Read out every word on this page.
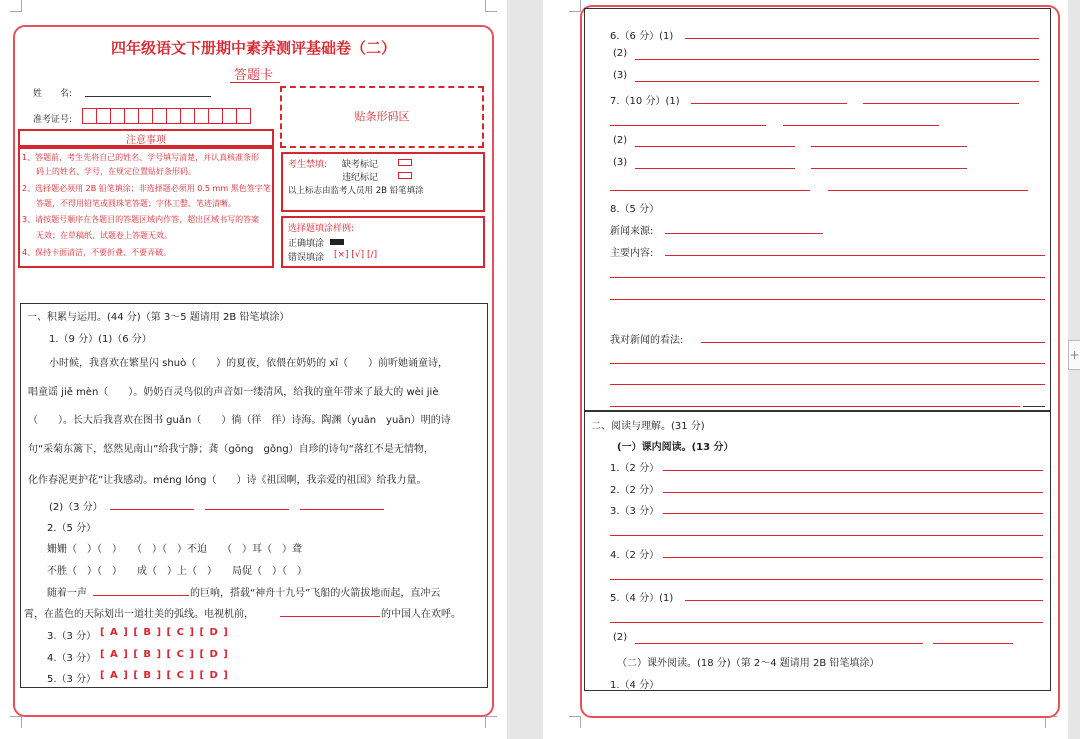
四年级语文下册期中素养测评基础卷（二）
答题卡
姓　　名:
准考证号:	贴条形码区
注意事项
1、答题前，考生先将自己的姓名、学号填写清楚，并认真核准条形
码上的姓名、学号，在规定位置贴好条形码。
2、选择题必须用 2B 铅笔填涂；非选择题必须用 0.5 mm 黑色签字笔
答题，不得用铅笔或圆珠笔答题；字体工整、笔迹清晰。
3、请按题号顺序在各题目的答题区域内作答，超出区域书写的答案
无效；在草稿纸、试题卷上答题无效。
4、保持卡面清洁，不要折叠、不要弄破。
考生禁填: 缺考标记
违纪标记
以上标志由监考人员用 2B 铅笔填涂
选择题填涂样例:
正确填涂
错误填涂 [×] [√] [/]
一、积累与运用。(44 分)（第 3～5 题请用 2B 铅笔填涂）
1.（9 分）(1)（6 分）
小时候，我喜欢在繁星闪 shuò（　　）的夏夜，依偎在奶奶的 xī（　　）前听她诵童诗，
唱童谣 jiě mèn（　　）。奶奶百灵鸟似的声音如一缕清风，给我的童年带来了最大的 wèi jiè
（　　）。长大后我喜欢在图书 guǎn（　　）徜（徉　徉）诗海。陶渊（yuān　yuān）明的诗
句“采菊东篱下，悠然见南山”给我宁静；龚（gōng　gǒng）自珍的诗句“落红不是无情物，
化作春泥更护花”让我感动。méng lóng（　　）诗《祖国啊，我亲爱的祖国》给我力量。
(2)（3 分）
2.（5 分）
姗姗（　）（　）　　（　）（　）不迫　　（　）耳（　）聋
不胜（　）（　）　　成（　）上（　）　　局促（　）（　）
随着一声	的巨响，搭载“神舟十九号”飞船的火箭拔地而起，直冲云
霄，在蓝色的天际划出一道壮美的弧线。电视机前，	的中国人在欢呼。
3.（3 分） [ A ] [ B ] [ C ] [ D ]
4.（3 分） [ A ] [ B ] [ C ] [ D ]
5.（3 分） [ A ] [ B ] [ C ] [ D ]
6.（6 分）(1)
(2)
(3)
7.（10 分）(1)
(2)
(3)
8.（5 分）
新闻来源:
主要内容:
我对新闻的看法:
二、阅读与理解。(31 分)
(一）课内阅读。(13 分）
1.（2 分）
2.（2 分）
3.（3 分）
4.（2 分）
5.（4 分）(1)
(2)
（二）课外阅读。(18 分)（第 2～4 题请用 2B 铅笔填涂）
1.（4 分）
+
